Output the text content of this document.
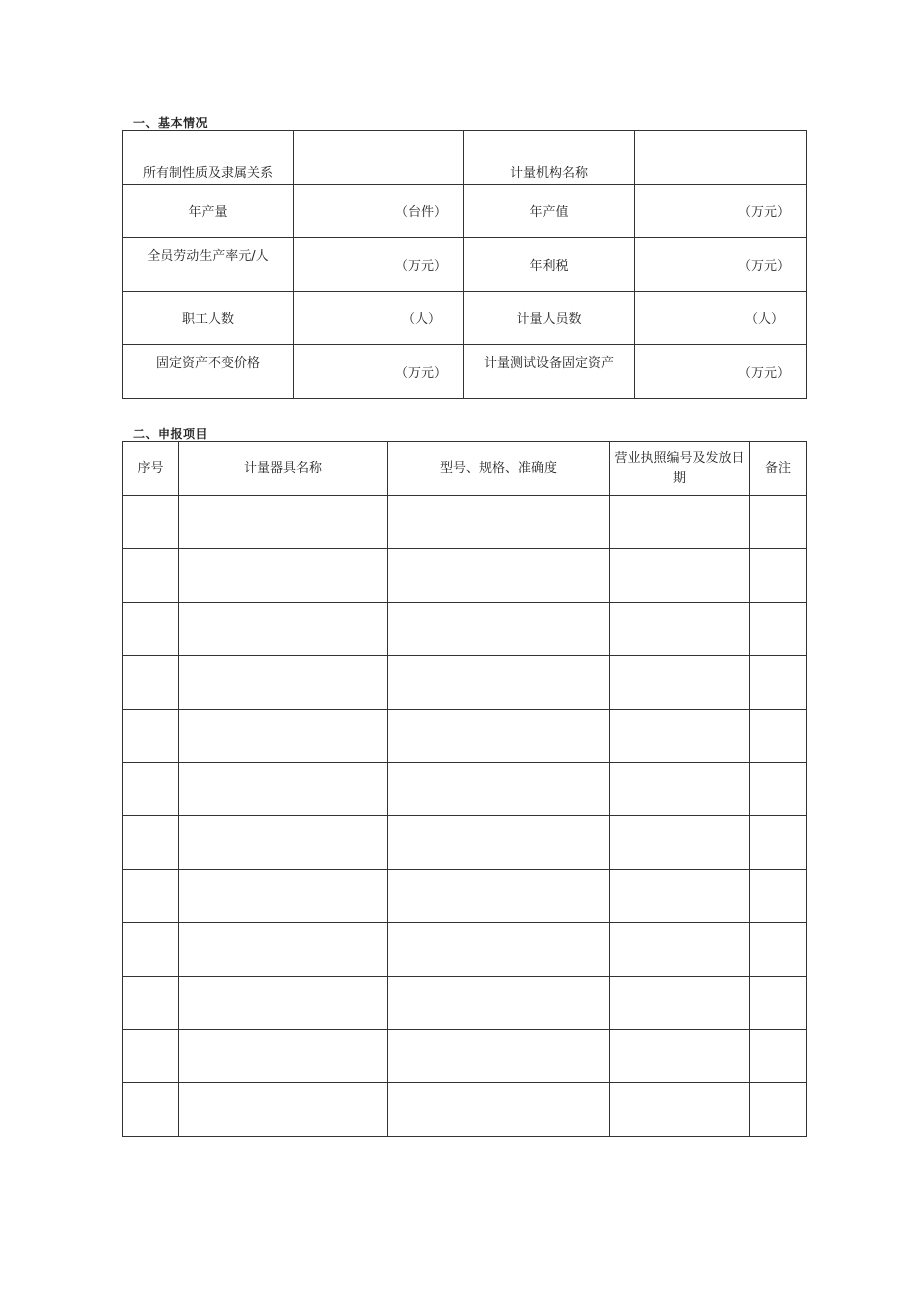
一、基本情况
所有制性质及隶属关系		计量机构名称	
年产量	（台件）	年产值	（万元）
全员劳动生产率元/人	（万元）	年利税	（万元）
职工人数	（人）	计量人员数	（人）
固定资产不变价格	（万元）	计量测试设备固定资产	（万元）
二、申报项目
序号	计量器具名称	型号、规格、准确度	营业执照编号及发放日期	备注
